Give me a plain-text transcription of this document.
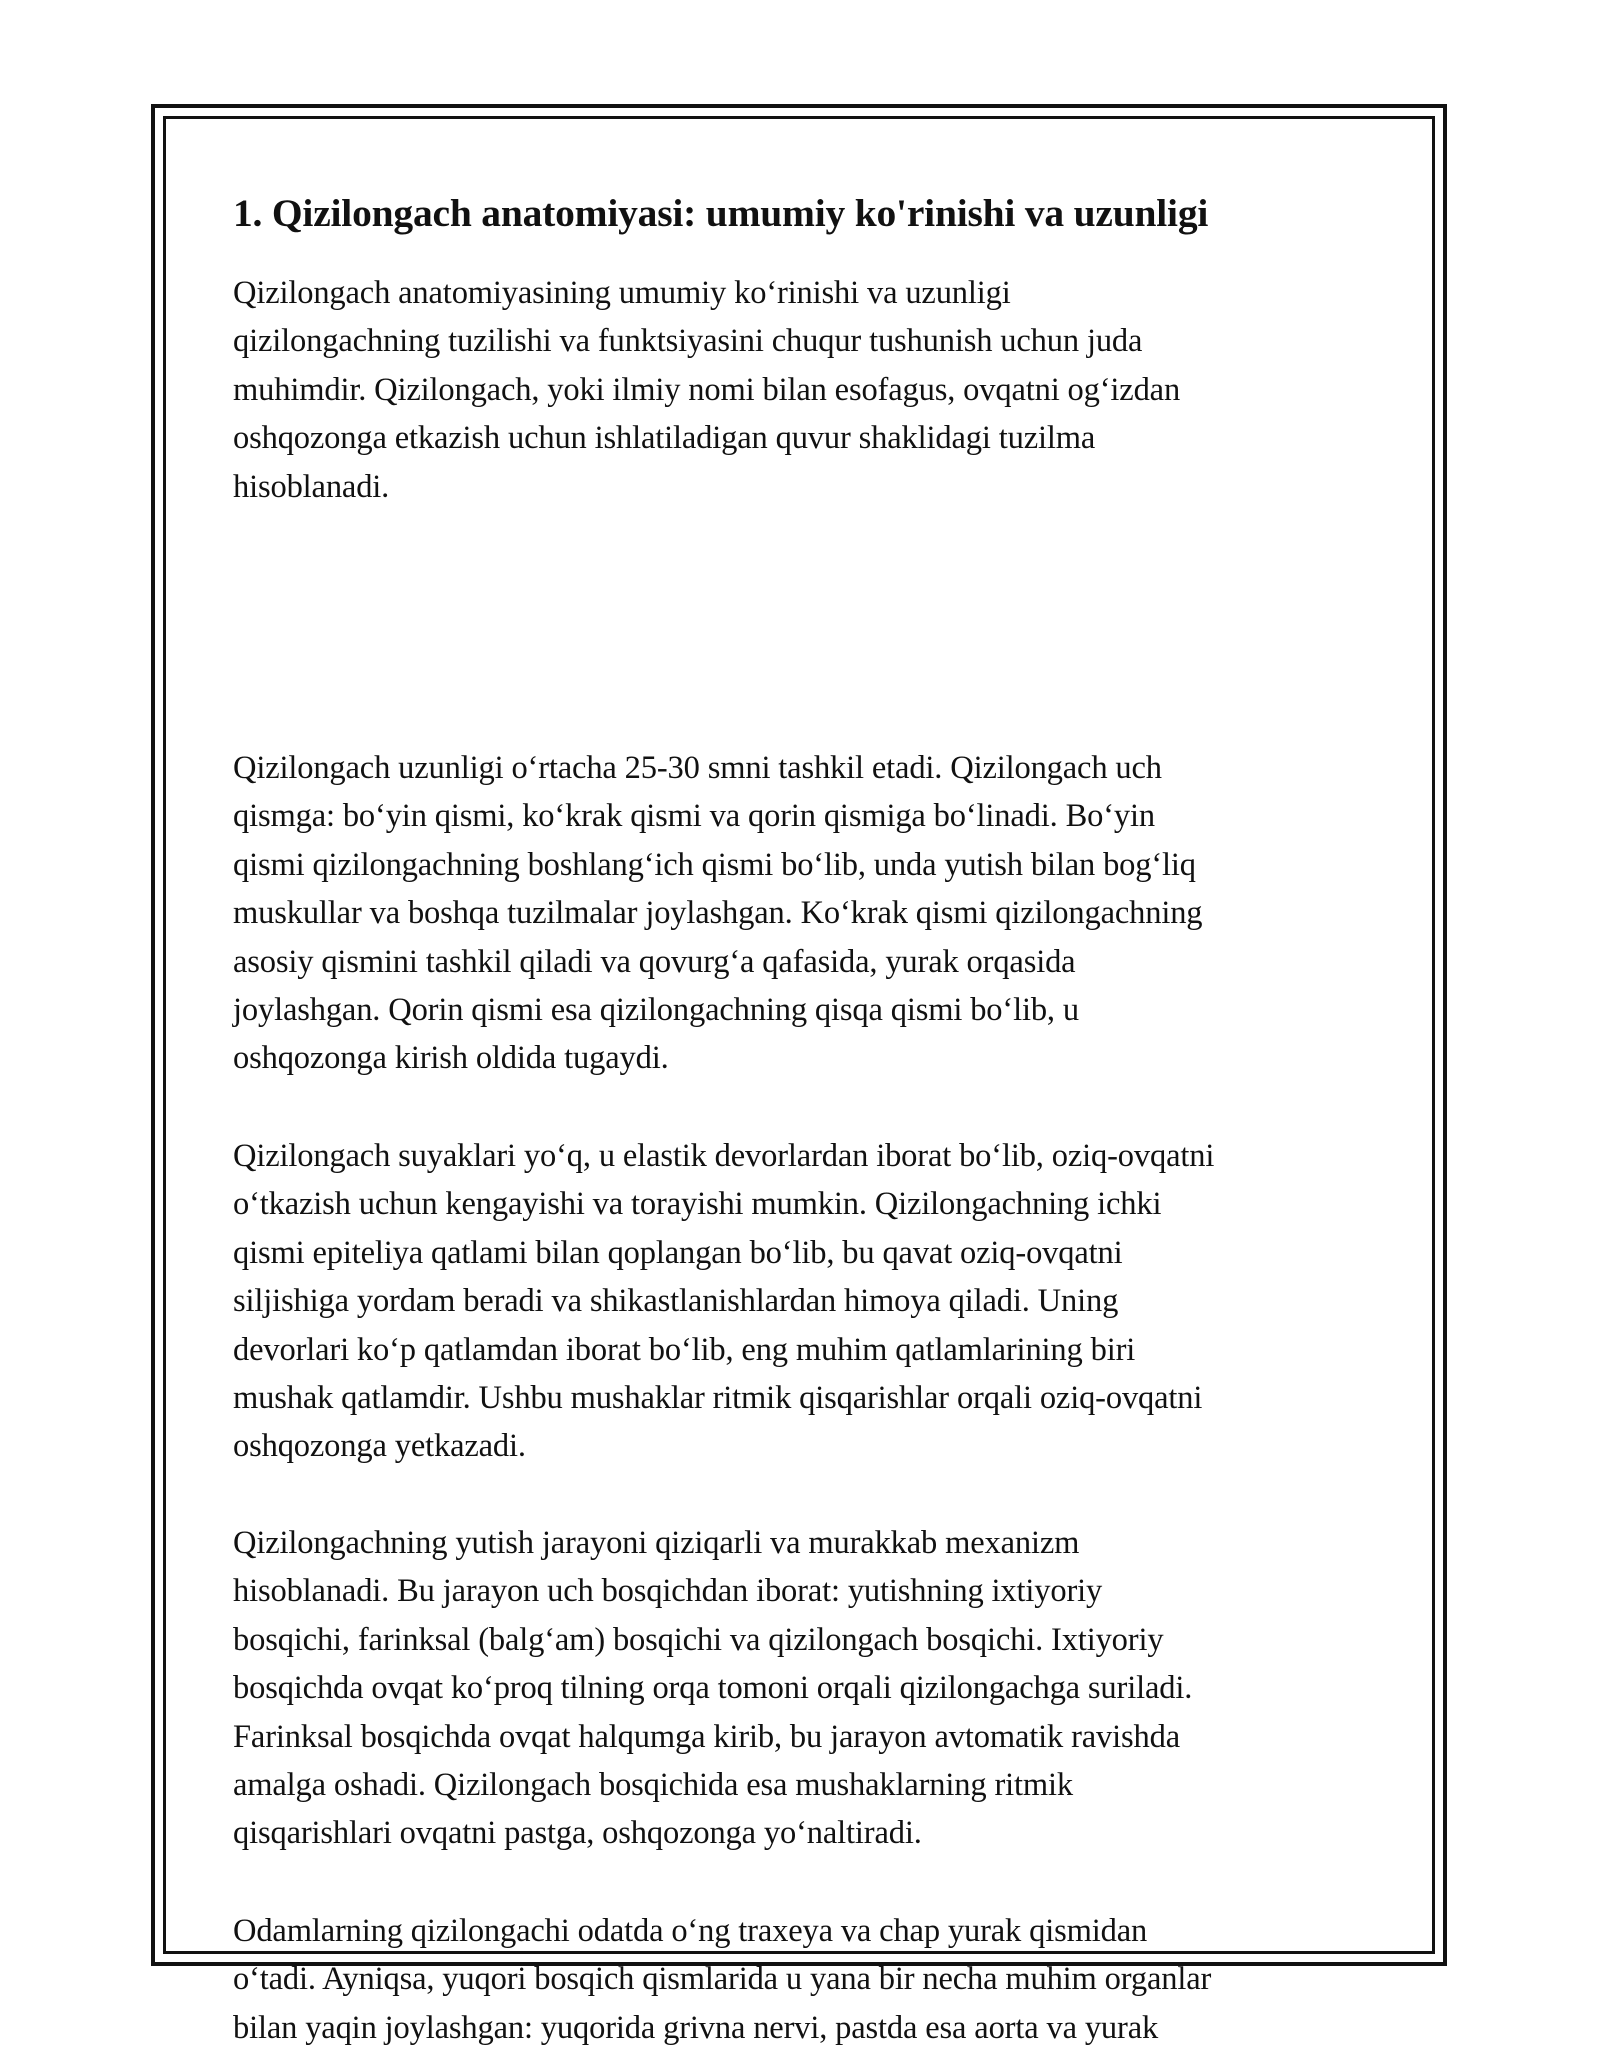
1. Qizilongach anatomiyasi: umumiy ko'rinishi va uzunligi

Qizilongach anatomiyasining umumiy koʻrinishi va uzunligi
qizilongachning tuzilishi va funktsiyasini chuqur tushunish uchun juda
muhimdir. Qizilongach, yoki ilmiy nomi bilan esofagus, ovqatni ogʻizdan
oshqozonga etkazish uchun ishlatiladigan quvur shaklidagi tuzilma
hisoblanadi.

Qizilongach uzunligi oʻrtacha 25-30 smni tashkil etadi. Qizilongach uch
qismga: boʻyin qismi, koʻkrak qismi va qorin qismiga boʻlinadi. Boʻyin
qismi qizilongachning boshlangʻich qismi boʻlib, unda yutish bilan bogʻliq
muskullar va boshqa tuzilmalar joylashgan. Koʻkrak qismi qizilongachning
asosiy qismini tashkil qiladi va qovurgʻa qafasida, yurak orqasida
joylashgan. Qorin qismi esa qizilongachning qisqa qismi boʻlib, u
oshqozonga kirish oldida tugaydi.

Qizilongach suyaklari yoʻq, u elastik devorlardan iborat boʻlib, oziq-ovqatni
oʻtkazish uchun kengayishi va torayishi mumkin. Qizilongachning ichki
qismi epiteliya qatlami bilan qoplangan boʻlib, bu qavat oziq-ovqatni
siljishiga yordam beradi va shikastlanishlardan himoya qiladi. Uning
devorlari koʻp qatlamdan iborat boʻlib, eng muhim qatlamlarining biri
mushak qatlamdir. Ushbu mushaklar ritmik qisqarishlar orqali oziq-ovqatni
oshqozonga yetkazadi.

Qizilongachning yutish jarayoni qiziqarli va murakkab mexanizm
hisoblanadi. Bu jarayon uch bosqichdan iborat: yutishning ixtiyoriy
bosqichi, farinksal (balgʻam) bosqichi va qizilongach bosqichi. Ixtiyoriy
bosqichda ovqat koʻproq tilning orqa tomoni orqali qizilongachga suriladi.
Farinksal bosqichda ovqat halqumga kirib, bu jarayon avtomatik ravishda
amalga oshadi. Qizilongach bosqichida esa mushaklarning ritmik
qisqarishlari ovqatni pastga, oshqozonga yoʻnaltiradi.

Odamlarning qizilongachi odatda oʻng traxeya va chap yurak qismidan
oʻtadi. Ayniqsa, yuqori bosqich qismlarida u yana bir necha muhim organlar
bilan yaqin joylashgan: yuqorida grivna nervi, pastda esa aorta va yurak
